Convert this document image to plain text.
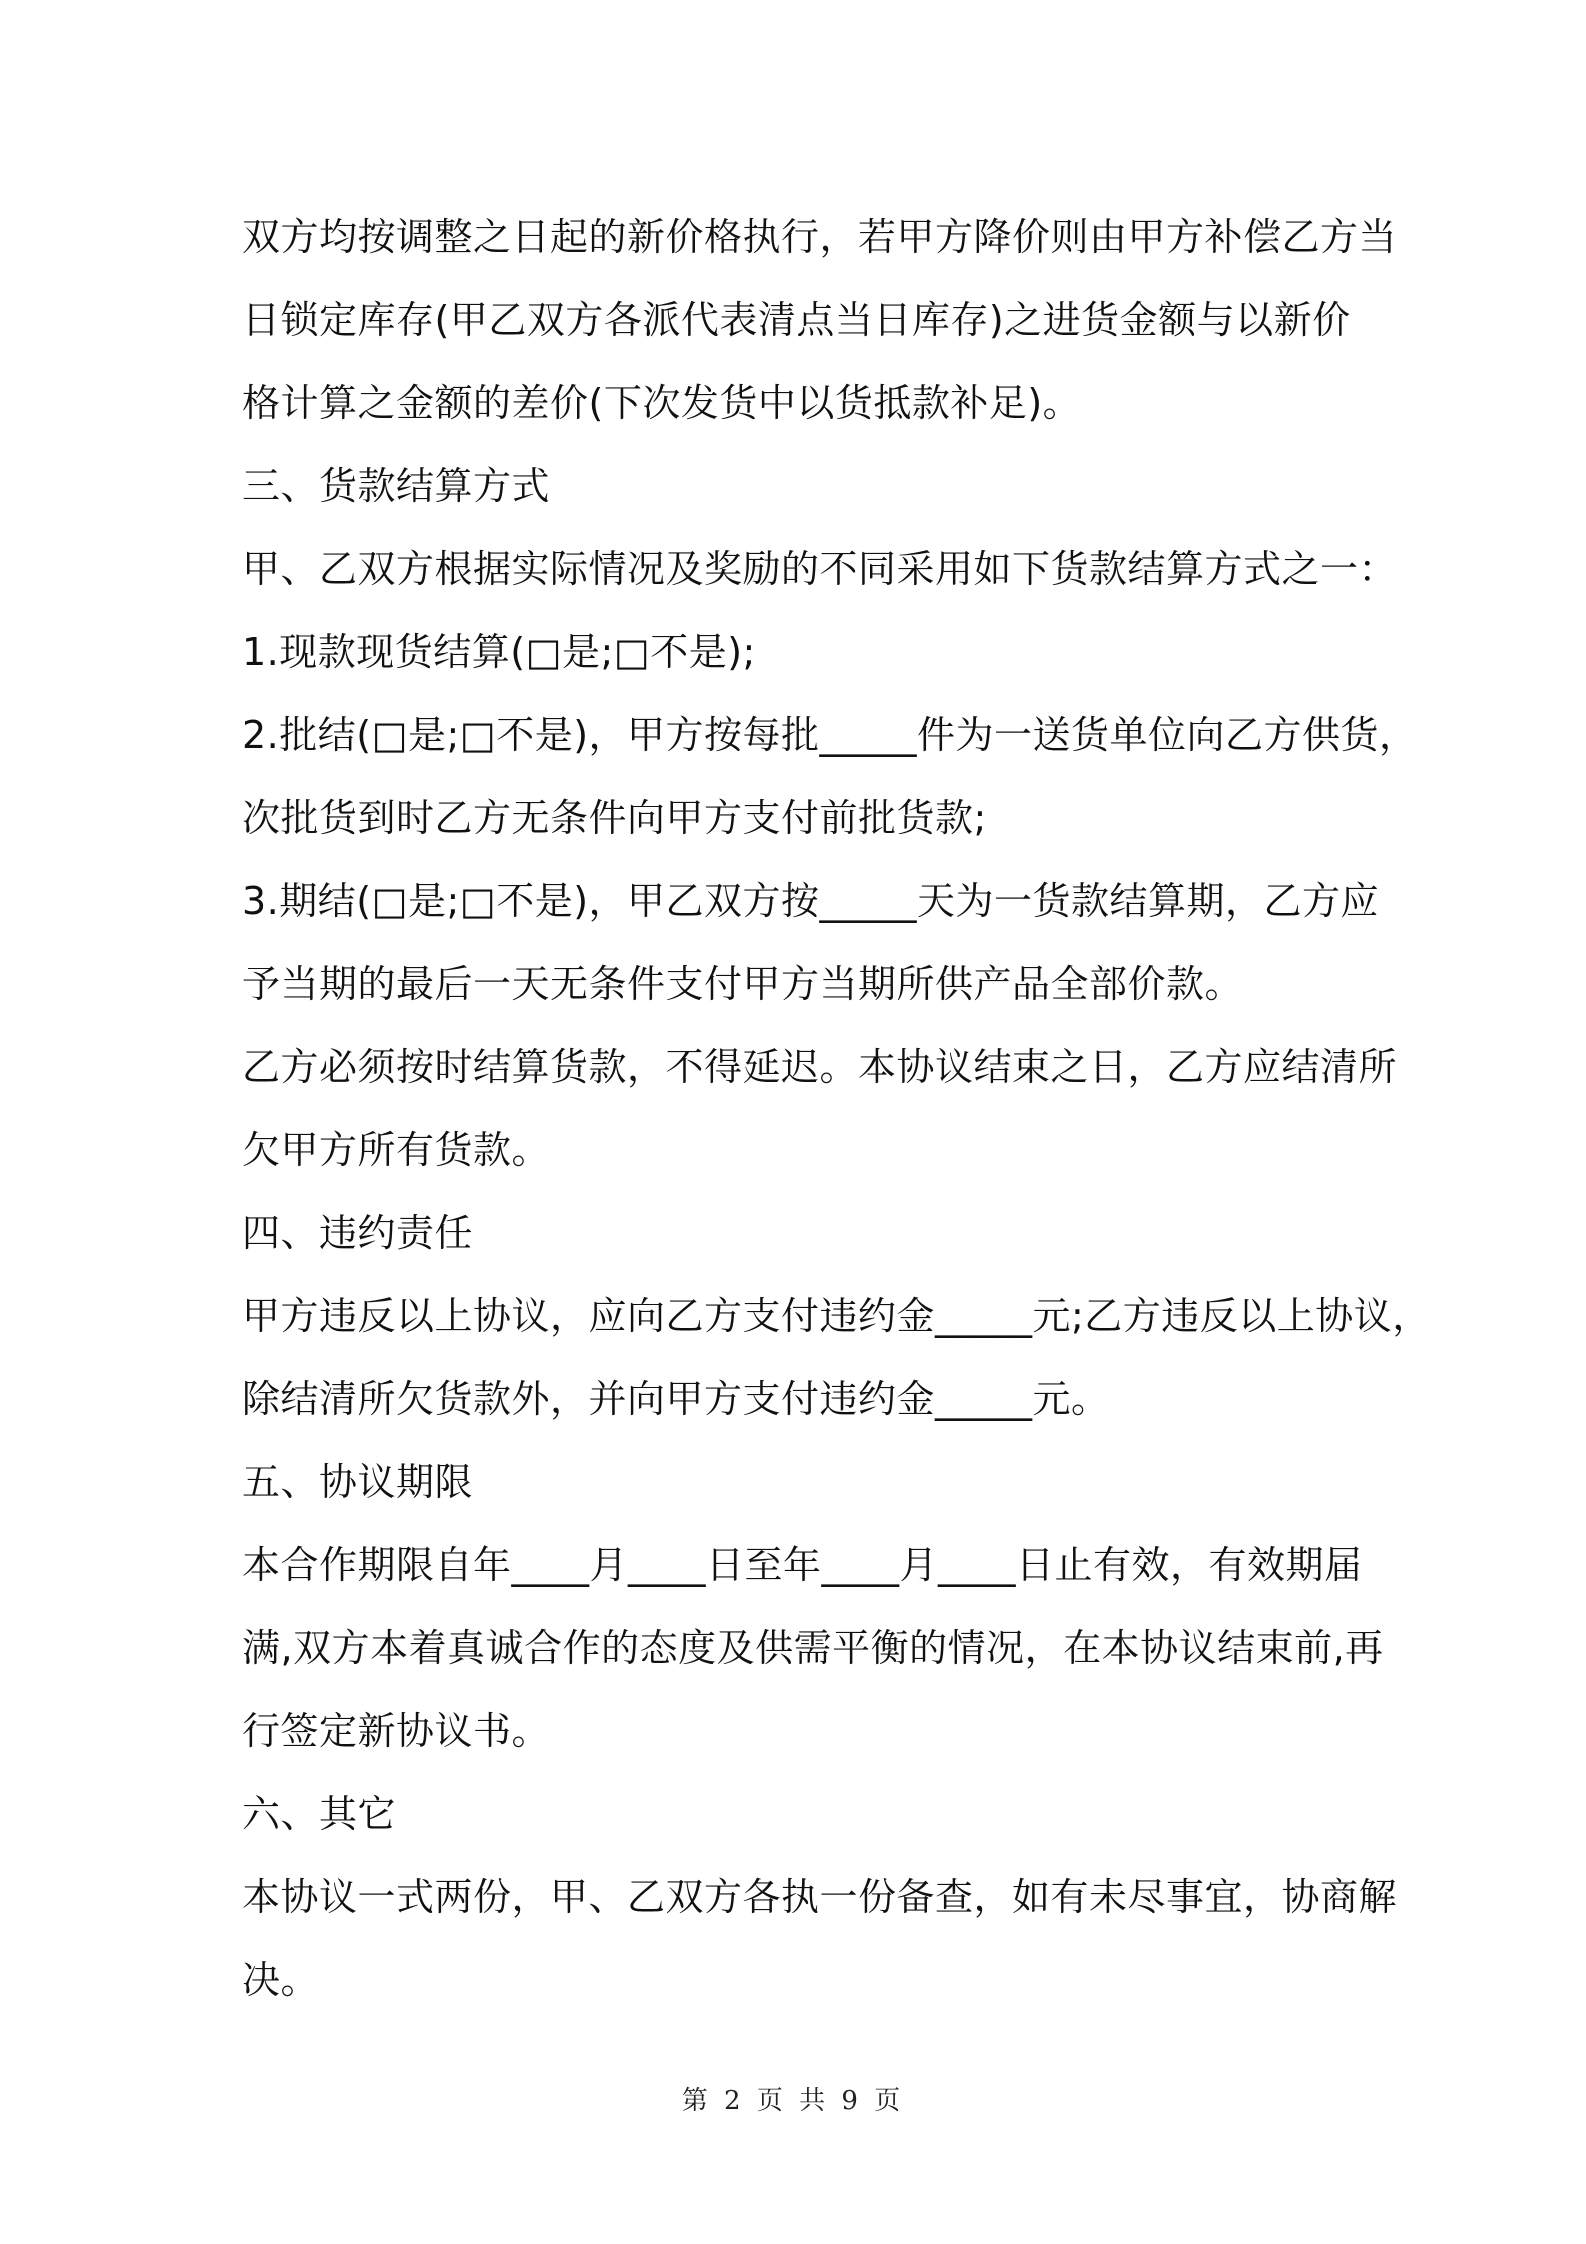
双方均按调整之日起的新价格执行，若甲方降价则由甲方补偿乙方当
日锁定库存(甲乙双方各派代表清点当日库存)之进货金额与以新价
格计算之金额的差价(下次发货中以货抵款补足)。
三、货款结算方式
甲、乙双方根据实际情况及奖励的不同采用如下货款结算方式之一：
1.现款现货结算(□是;□不是);
2.批结(□是;□不是)，甲方按每批_____件为一送货单位向乙方供货，
次批货到时乙方无条件向甲方支付前批货款;
3.期结(□是;□不是)，甲乙双方按_____天为一货款结算期，乙方应
予当期的最后一天无条件支付甲方当期所供产品全部价款。
乙方必须按时结算货款，不得延迟。本协议结束之日，乙方应结清所
欠甲方所有货款。
四、违约责任
甲方违反以上协议，应向乙方支付违约金_____元;乙方违反以上协议，
除结清所欠货款外，并向甲方支付违约金_____元。
五、协议期限
本合作期限自年____月____日至年____月____日止有效，有效期届
满,双方本着真诚合作的态度及供需平衡的情况，在本协议结束前,再
行签定新协议书。
六、其它
本协议一式两份，甲、乙双方各执一份备查，如有未尽事宜，协商解
决。
第 2 页 共 9 页
